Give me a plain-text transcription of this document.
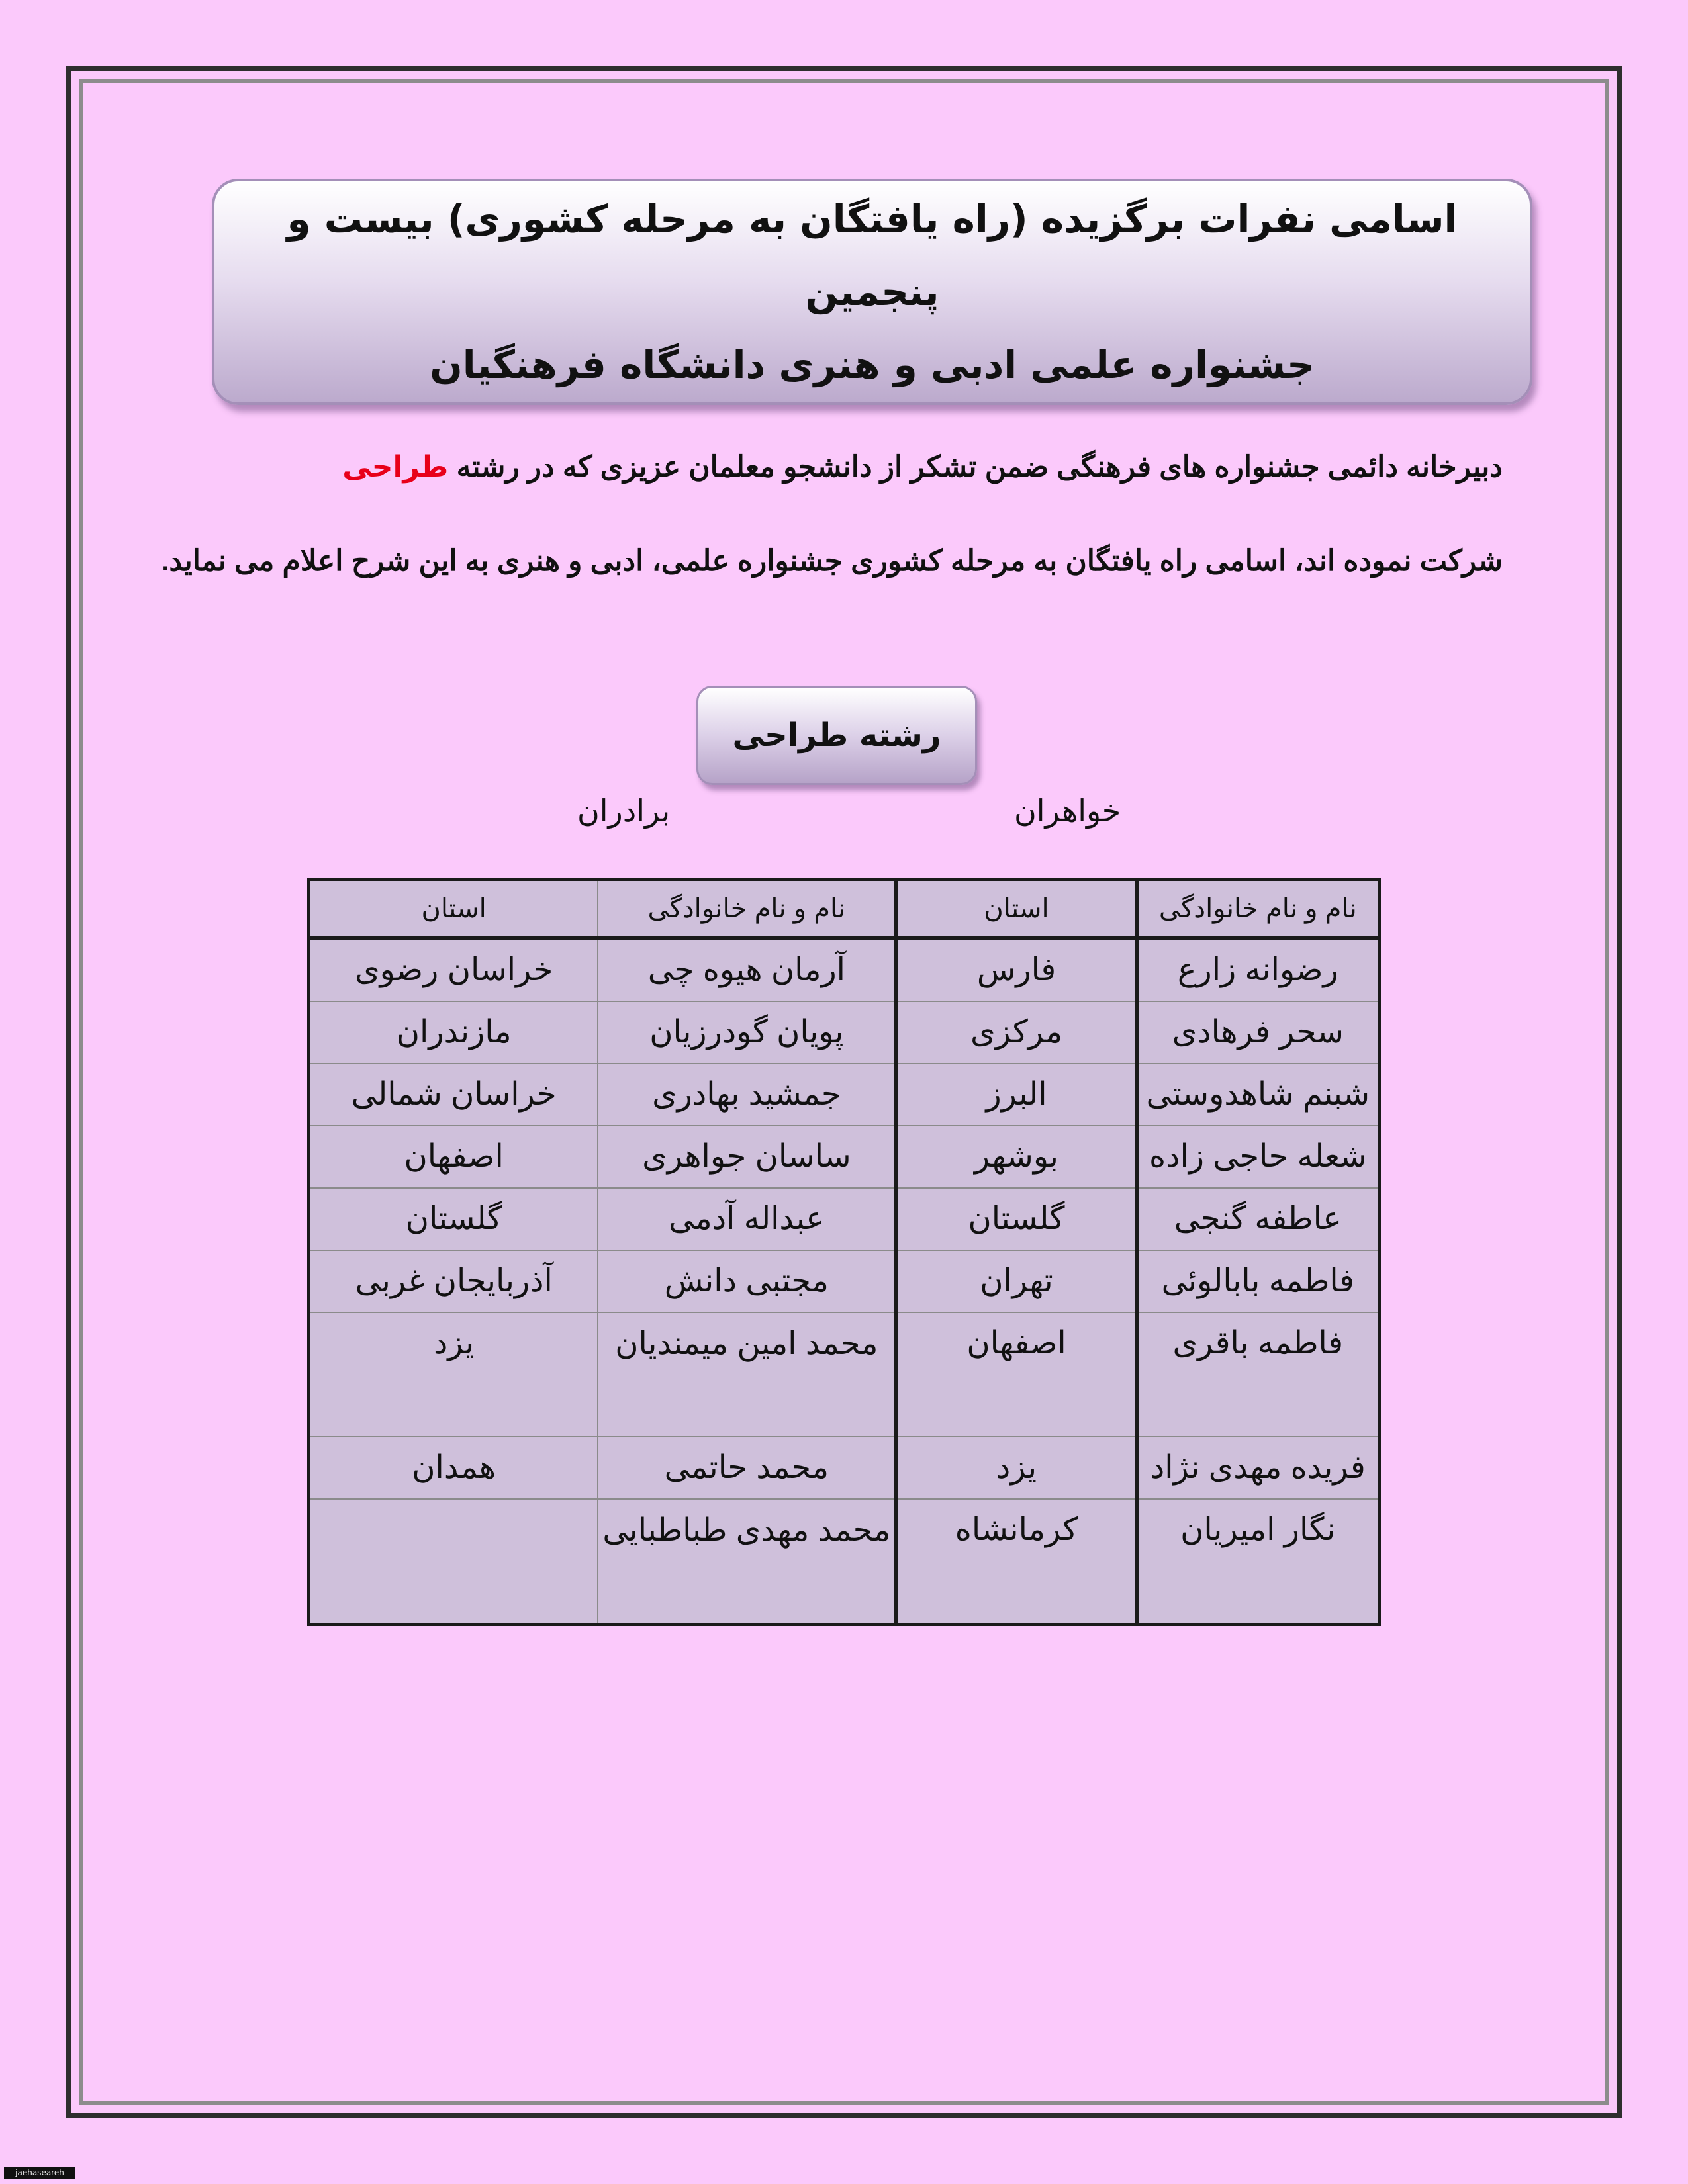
اسامی نفرات برگزیده (راه یافتگان به مرحله کشوری) بیست و پنجمین
جشنواره علمی ادبی و هنری دانشگاه فرهنگیان
دبیرخانه دائمی جشنواره های فرهنگی ضمن تشکر از دانشجو معلمان عزیزی که در رشته طراحی
شرکت نموده اند، اسامی راه یافتگان به مرحله کشوری جشنواره علمی، ادبی و هنری به این شرح اعلام می نماید.
رشته طراحی
خواهران
برادران
نام و نام خانوادگی	استان	نام و نام خانوادگی	استان
رضوانه زارع	فارس	آرمان هیوه چی	خراسان رضوی
سحر فرهادی	مرکزی	پویان گودرزیان	مازندران
شبنم شاهدوستی	البرز	جمشید بهادری	خراسان شمالی
شعله حاجی زاده	بوشهر	ساسان جواهری	اصفهان
عاطفه گنجی	گلستان	عبداله آدمی	گلستان
فاطمه بابالوئی	تهران	مجتبی دانش	آذربایجان غربی
فاطمه باقری	اصفهان	محمد امین میمندیان	یزد
فریده مهدی نژاد	یزد	محمد حاتمی	همدان
نگار امیریان	کرمانشاه	محمد مهدی طباطبایی	
jaehaseareh
